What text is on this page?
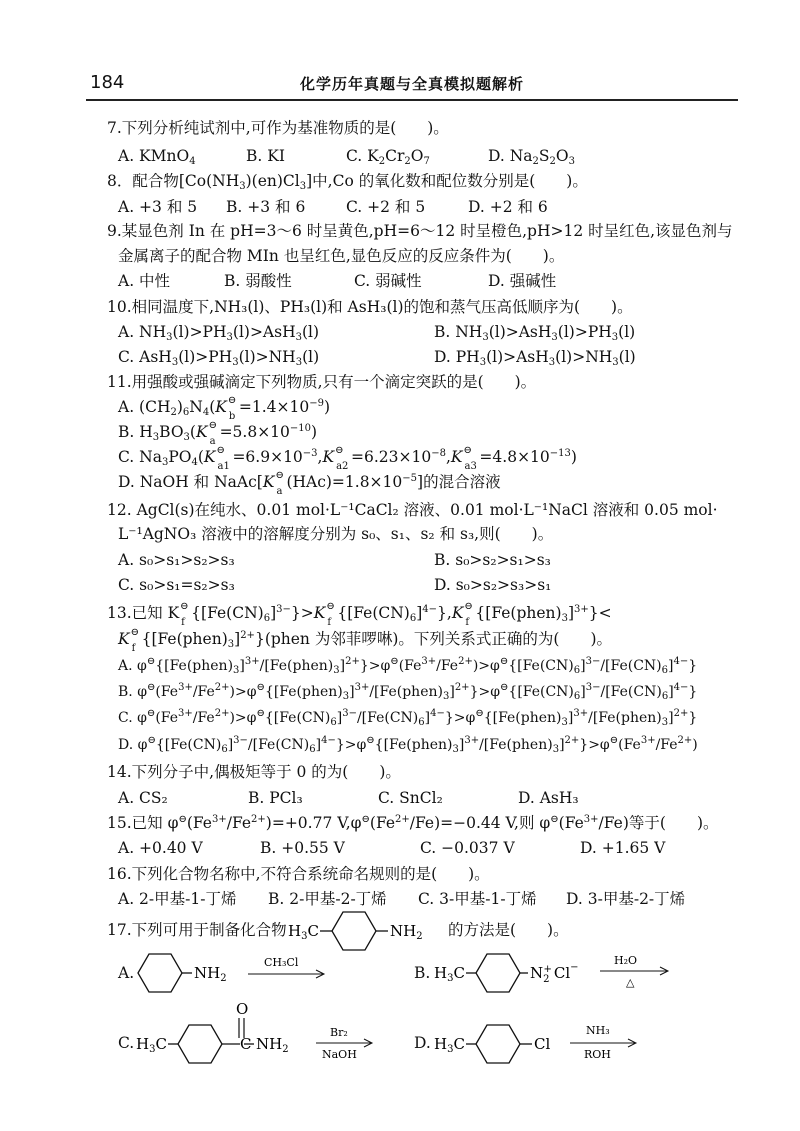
184	化学历年真题与全真模拟题解析
7.下列分析纯试剂中,可作为基准物质的是(　　)。
A. KMnO$_4$	B. KI	C. $K_2Cr_2O_7$	D. $Na_2S_2O_3$
8．配合物$[Co(NH_3)(en)Cl_3]$中,Co 的氧化数和配位数分别是(　　)。
A. +3 和 5 B. +3 和 6	C. +2 和 5	D. +2 和 6
9.某显色剂 In 在 pH=3～6 时呈黄色,pH=6～12 时呈橙色,pH>12 时呈红色,该显色剂与
金属离子的配合物 MIn 也呈红色,显色反应的反应条件为(　　)。
A. 中性	B. 弱酸性	C. 弱碱性	D. 强碱性
10.相同温度下,NH₃(l)、PH₃(l)和 AsH₃(l)的饱和蒸气压高低顺序为(　　)。
A. $NH_3(l)>PH_3(l)>AsH_3(l)$	B. $NH_3(l)>AsH_3(l)>PH_3(l)$
C. $AsH_3(l)>PH_3(l)>NH_3(l)$	D. $PH_3(l)>AsH_3(l)>NH_3(l)$
11.用强酸或强碱滴定下列物质,只有一个滴定突跃的是(　　)。
A. $(CH_2)_6N_4(K$ ⊖
b
$=1.4\times 10^{-9}$)
B. $H_3BO_3(K$ ⊖
a
$=5.8\times 10^{-10}$)
C. $Na_3PO_4(K$ ⊖
a1
$=6.9\times 10^{-3},K$ ⊖
a2
$=6.23\times 10^{-8},K$ ⊖
a3
$=4.8\times 10^{-13}$)
D. NaOH 和 NaAc[K ⊖
a
$(HAc)=1.8\times 10^{-5}$]的混合溶液
12. AgCl(s)在纯水、0.01 mol·L⁻¹CaCl₂ 溶液、0.01 mol·L⁻¹NaCl 溶液和 0.05 mol·
L⁻¹AgNO₃ 溶液中的溶解度分别为 s₀、s₁、s₂ 和 s₃,则(　　)。
A. s₀>s₁>s₂>s₃	B. s₀>s₂>s₁>s₃
C. s₀>s₁=s₂>s₃	D. s₀>s₂>s₃>s₁
13.已知 K ⊖
f
$\{[Fe(CN)_6]^{3-}\}>K$ ⊖
f
$\{[Fe(CN)_6]^{4-}\},K$ ⊖
f
$\{[Fe(phen)_3]^{3+}\}<$
K ⊖
f
$\{[Fe(phen)_3]^{2+}\}(phen$ 为邻菲啰啉)。下列关系式正确的为(　　)。
A. $\varphi^⊖\{[Fe(phen)_3]^{3+}/[Fe(phen)_3]^{2+}\}>\varphi^⊖(Fe^{3+}/Fe^{2+})>\varphi^⊖\{[Fe(CN)_6]^{3-}/[Fe(CN)_6]^{4-}\}$
B. $\varphi^⊖(Fe^{3+}/Fe^{2+})>\varphi^⊖\{[Fe(phen)_3]^{3+}/[Fe(phen)_3]^{2+}\}>\varphi^⊖\{[Fe(CN)_6]^{3-}/[Fe(CN)_6]^{4-}\}$
C. $\varphi^⊖(Fe^{3+}/Fe^{2+})>\varphi^⊖\{[Fe(CN)_6]^{3-}/[Fe(CN)_6]^{4-}\}>\varphi^⊖\{[Fe(phen)_3]^{3+}/[Fe(phen)_3]^{2+}\}$
D. $\varphi^⊖\{[Fe(CN)_6]^{3-}/[Fe(CN)_6]^{4-}\}>\varphi^⊖\{[Fe(phen)_3]^{3+}/[Fe(phen)_3]^{2+}\}>\varphi^⊖(Fe^{3+}/Fe^{2+})$
14.下列分子中,偶极矩等于 0 的为(　　)。
A. CS₂	B. PCl₃	C. SnCl₂	D. AsH₃
15.已知 $\varphi^⊖(Fe^{3+}/Fe^{2+})=+0.77$ $V,\varphi^⊖(Fe^{2+}/Fe)=-0.44$ V,则 $\varphi^⊖(Fe^{3+}/Fe)$等于(　　)。
A. +0.40 V	B. +0.55 V	C. −0.037 V	D. +1.65 V
16.下列化合物名称中,不符合系统命名规则的是(　　)。
A. 2-甲基-1-丁烯 B. 2-甲基-2-丁烯 C. 3-甲基-1-丁烯 D. 3-甲基-2-丁烯
17.下列可用于制备化合物 $H_3C$	$NH_2$ 的方法是(　　)。
A.	$NH_2$
CH₃Cl
B. $H_3C$	$N_2+ Cl^-$
H₂O
△
C. $H_3C$
O
C $NH_2$
Br₂
NaOH
D. $H_3C$	Cl
NH₃
ROH
